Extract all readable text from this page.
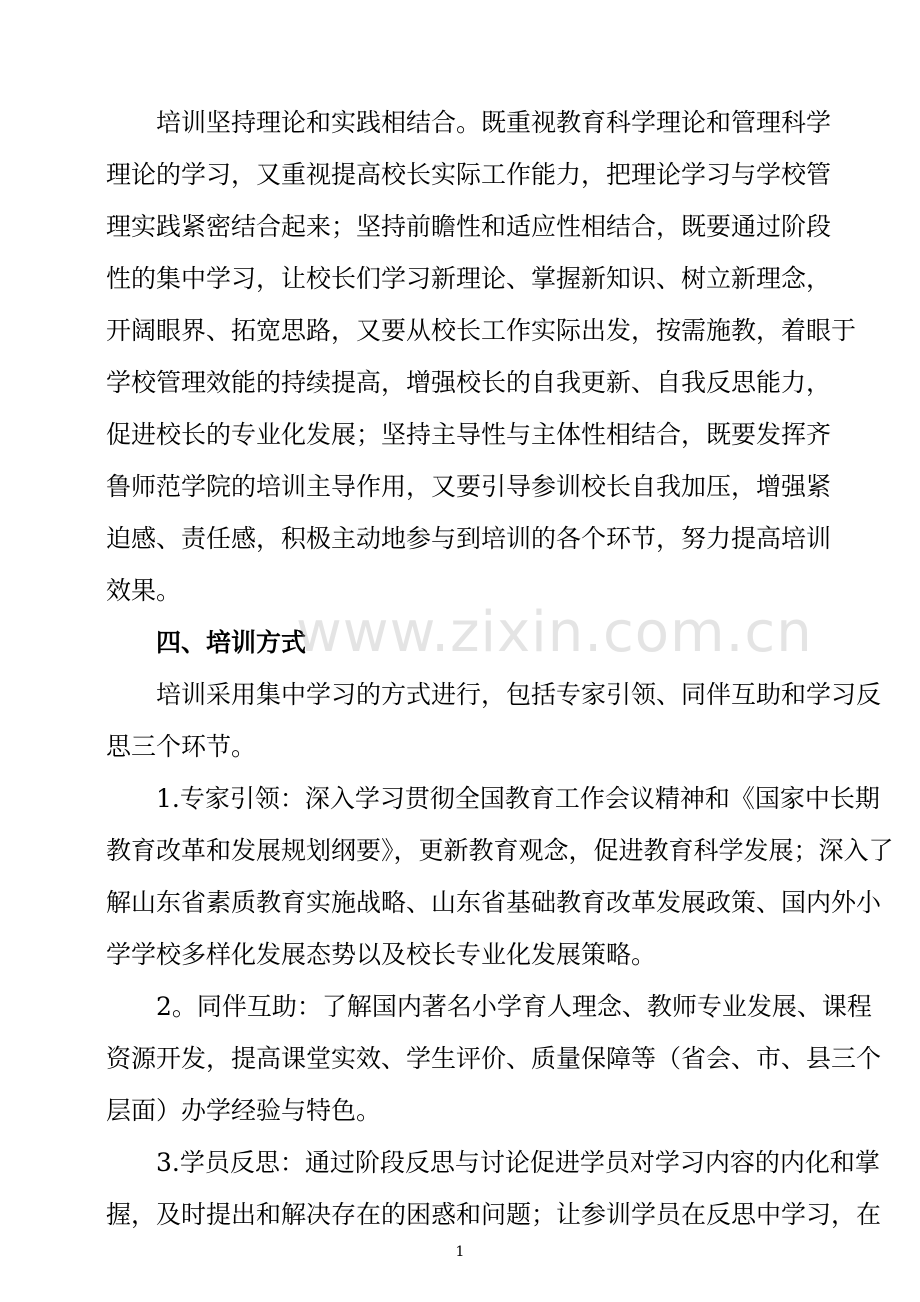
培训坚持理论和实践相结合。既重视教育科学理论和管理科学
理论的学习，又重视提高校长实际工作能力，把理论学习与学校管
理实践紧密结合起来；坚持前瞻性和适应性相结合，既要通过阶段
性的集中学习，让校长们学习新理论、掌握新知识、树立新理念，
开阔眼界、拓宽思路，又要从校长工作实际出发，按需施教，着眼于
学校管理效能的持续提高，增强校长的自我更新、自我反思能力，
促进校长的专业化发展；坚持主导性与主体性相结合，既要发挥齐
鲁师范学院的培训主导作用，又要引导参训校长自我加压，增强紧
迫感、责任感，积极主动地参与到培训的各个环节，努力提高培训
效果。
四、培训方式
培训采用集中学习的方式进行，包括专家引领、同伴互助和学习反
思三个环节。
1.专家引领：深入学习贯彻全国教育工作会议精神和《国家中长期
教育改革和发展规划纲要》，更新教育观念，促进教育科学发展；深入了
解山东省素质教育实施战略、山东省基础教育改革发展政策、国内外小
学学校多样化发展态势以及校长专业化发展策略。
2。同伴互助：了解国内著名小学育人理念、教师专业发展、课程
资源开发，提高课堂实效、学生评价、质量保障等（省会、市、县三个
层面）办学经验与特色。
3.学员反思：通过阶段反思与讨论促进学员对学习内容的内化和掌
握，及时提出和解决存在的困惑和问题；让参训学员在反思中学习，在
www.zixin.com.cn
1
